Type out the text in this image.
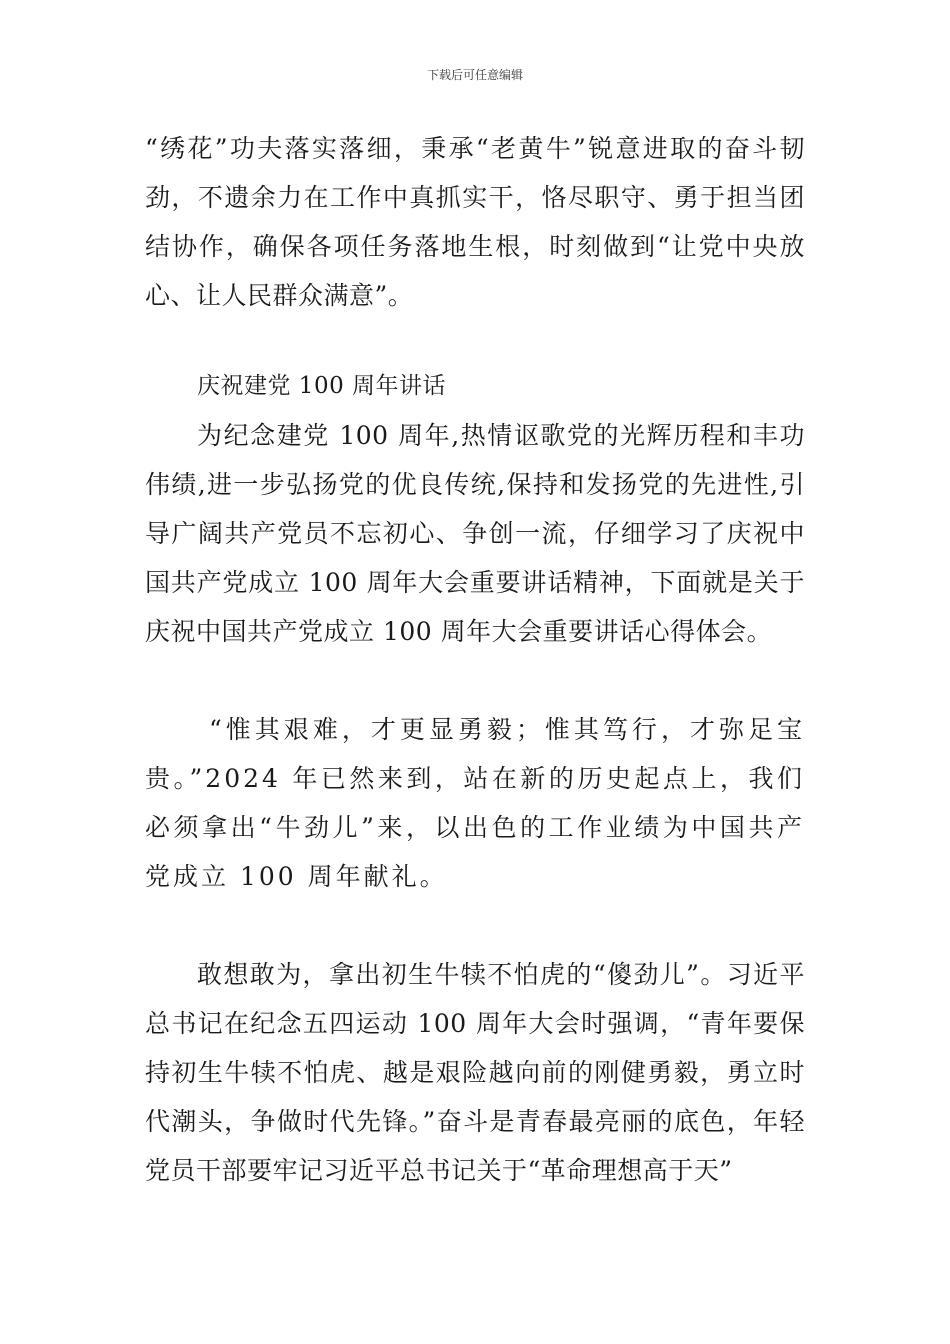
下载后可任意编辑

“绣花”功夫落实落细，秉承“老黄牛”锐意进取的奋斗韧劲，不遗余力在工作中真抓实干，恪尽职守、勇于担当团结协作，确保各项任务落地生根，时刻做到“让党中央放心、让人民群众满意”。

庆祝建党 100 周年讲话

为纪念建党 100 周年,热情讴歌党的光辉历程和丰功伟绩,进一步弘扬党的优良传统,保持和发扬党的先进性,引导广阔共产党员不忘初心、争创一流，仔细学习了庆祝中国共产党成立 100 周年大会重要讲话精神，下面就是关于庆祝中国共产党成立 100 周年大会重要讲话心得体会。

“惟其艰难，才更显勇毅；惟其笃行，才弥足宝贵。”2024 年已然来到，站在新的历史起点上，我们必须拿出“牛劲儿”来，以出色的工作业绩为中国共产党成立 100 周年献礼。

敢想敢为，拿出初生牛犊不怕虎的“傻劲儿”。习近平总书记在纪念五四运动 100 周年大会时强调，“青年要保持初生牛犊不怕虎、越是艰险越向前的刚健勇毅，勇立时代潮头，争做时代先锋。”奋斗是青春最亮丽的底色，年轻党员干部要牢记习近平总书记关于“革命理想高于天”
